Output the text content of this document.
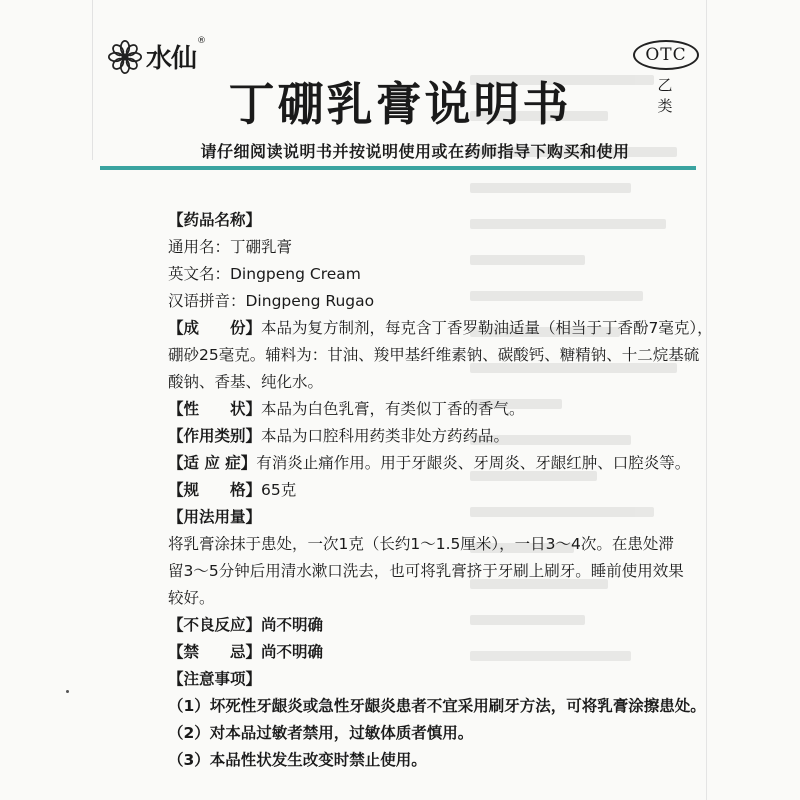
水仙
®
OTC
乙类
丁硼乳膏说明书
请仔细阅读说明书并按说明使用或在药师指导下购买和使用
【药品名称】
通用名：丁硼乳膏
英文名：Dingpeng Cream
汉语拼音：Dingpeng Rugao
【成　　份】本品为复方制剂，每克含丁香罗勒油适量（相当于丁香酚7毫克），
硼砂25毫克。辅料为：甘油、羧甲基纤维素钠、碳酸钙、糖精钠、十二烷基硫
酸钠、香基、纯化水。
【性　　状】本品为白色乳膏，有类似丁香的香气。
【作用类别】本品为口腔科用药类非处方药药品。
【适 应 症】有消炎止痛作用。用于牙龈炎、牙周炎、牙龈红肿、口腔炎等。
【规　　格】65克
【用法用量】
将乳膏涂抹于患处，一次1克（长约1～1.5厘米），一日3～4次。在患处滞
留3～5分钟后用清水漱口洗去，也可将乳膏挤于牙刷上刷牙。睡前使用效果
较好。
【不良反应】尚不明确
【禁　　忌】尚不明确
【注意事项】
（1）坏死性牙龈炎或急性牙龈炎患者不宜采用刷牙方法，可将乳膏涂擦患处。
（2）对本品过敏者禁用，过敏体质者慎用。
（3）本品性状发生改变时禁止使用。
